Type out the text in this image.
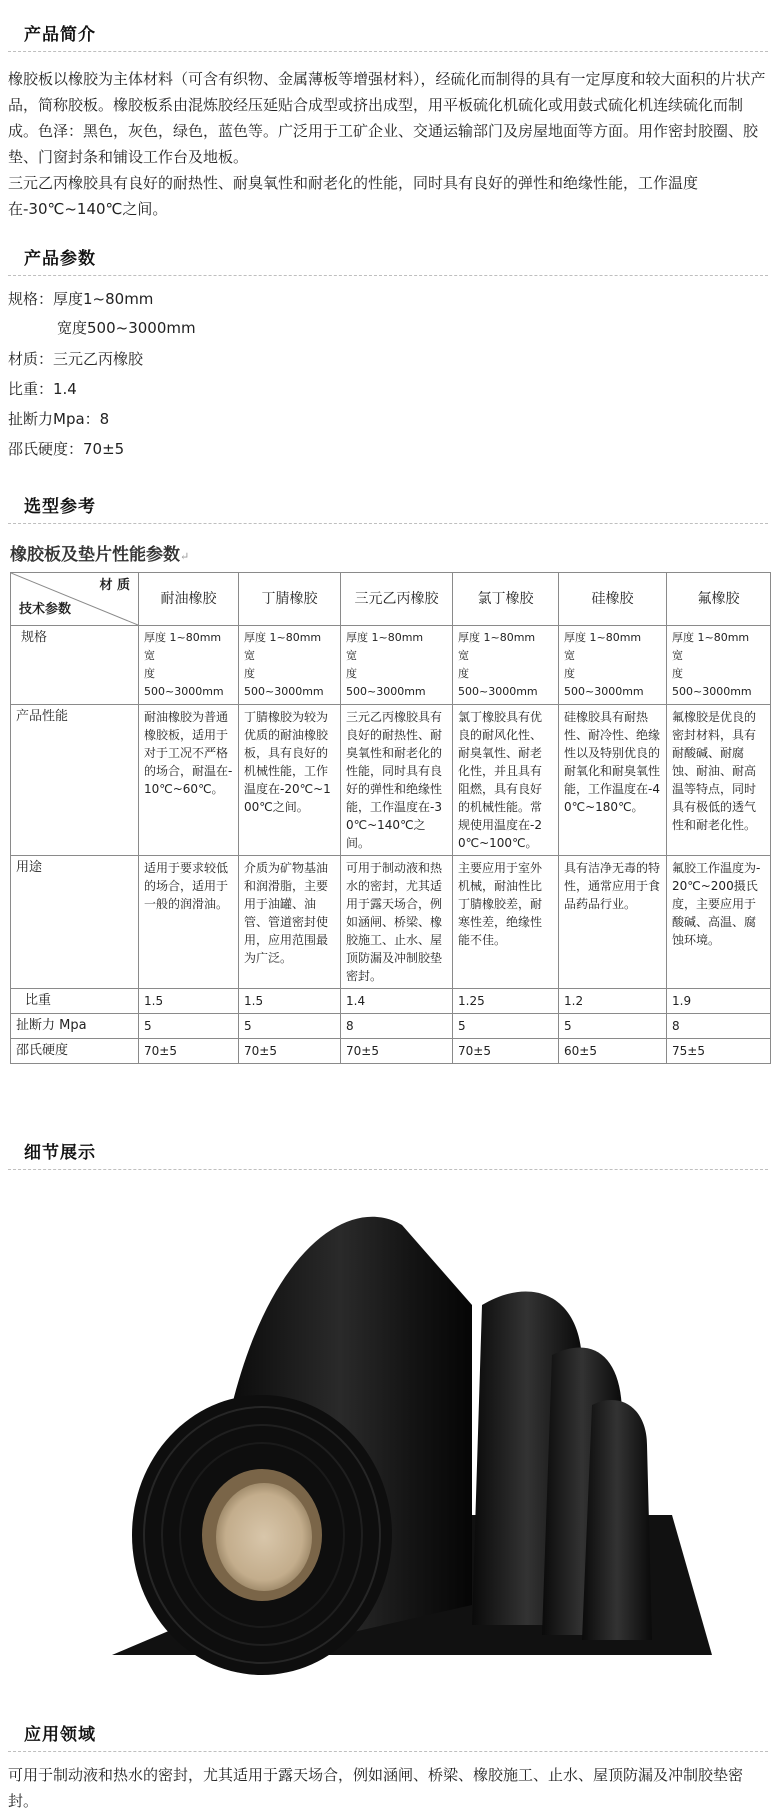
产品简介
橡胶板以橡胶为主体材料（可含有织物、金属薄板等增强材料），经硫化而制得的具有一定厚度和较大面积的片状产品，简称胶板。橡胶板系由混炼胶经压延贴合成型或挤出成型，用平板硫化机硫化或用鼓式硫化机连续硫化而制成。色泽：黑色，灰色，绿色，蓝色等。广泛用于工矿企业、交通运输部门及房屋地面等方面。用作密封胶圈、胶垫、门窗封条和铺设工作台及地板。
三元乙丙橡胶具有良好的耐热性、耐臭氧性和耐老化的性能，同时具有良好的弹性和绝缘性能，工作温度在-30℃~140℃之间。
产品参数
规格：厚度1~80mm
宽度500~3000mm
材质：三元乙丙橡胶
比重：1.4
扯断力Mpa：8
邵氏硬度：70±5
选型参考
橡胶板及垫片性能参数↵
材 质
技术参数	耐油橡胶	丁腈橡胶	三元乙丙橡胶	氯丁橡胶	硅橡胶	氟橡胶
规格	厚度 1~80mm
宽
度
500~3000mm	厚度 1~80mm
宽
度
500~3000mm	厚度 1~80mm
宽
度
500~3000mm	厚度 1~80mm
宽
度
500~3000mm	厚度 1~80mm
宽
度
500~3000mm	厚度 1~80mm
宽
度
500~3000mm

产品性能	耐油橡胶为普通橡胶板，适用于对于工况不严格的场合，耐温在-10℃~60℃。	丁腈橡胶为较为优质的耐油橡胶板，具有良好的机械性能，工作温度在-20℃~100℃之间。	三元乙丙橡胶具有良好的耐热性、耐臭氧性和耐老化的性能，同时具有良好的弹性和绝缘性能，工作温度在-30℃~140℃之间。	氯丁橡胶具有优良的耐风化性、耐臭氧性、耐老化性，并且具有阻燃，具有良好的机械性能。常规使用温度在-20℃~100℃。	硅橡胶具有耐热性、耐冷性、绝缘性以及特别优良的耐氧化和耐臭氧性能，工作温度在-40℃~180℃。	氟橡胶是优良的密封材料，具有耐酸碱、耐腐蚀、耐油、耐高温等特点，同时具有极低的透气性和耐老化性。
用途	适用于要求较低的场合，适用于一般的润滑油。	介质为矿物基油和润滑脂，主要用于油罐、油管、管道密封使用，应用范围最为广泛。	可用于制动液和热水的密封，尤其适用于露天场合，例如涵闸、桥梁、橡胶施工、止水、屋顶防漏及冲制胶垫密封。	主要应用于室外机械，耐油性比丁腈橡胶差，耐寒性差，绝缘性能不佳。	具有洁净无毒的特性，通常应用于食品药品行业。	氟胶工作温度为-20℃~200摄氏度，主要应用于酸碱、高温、腐蚀环境。
比重	1.5	1.5	1.4	1.25	1.2	1.9
扯断力 Mpa	5	5	8	5	5	8
邵氏硬度	70±5	70±5	70±5	70±5	60±5	75±5
细节展示
应用领域
可用于制动液和热水的密封，尤其适用于露天场合，例如涵闸、桥梁、橡胶施工、止水、屋顶防漏及冲制胶垫密封。
